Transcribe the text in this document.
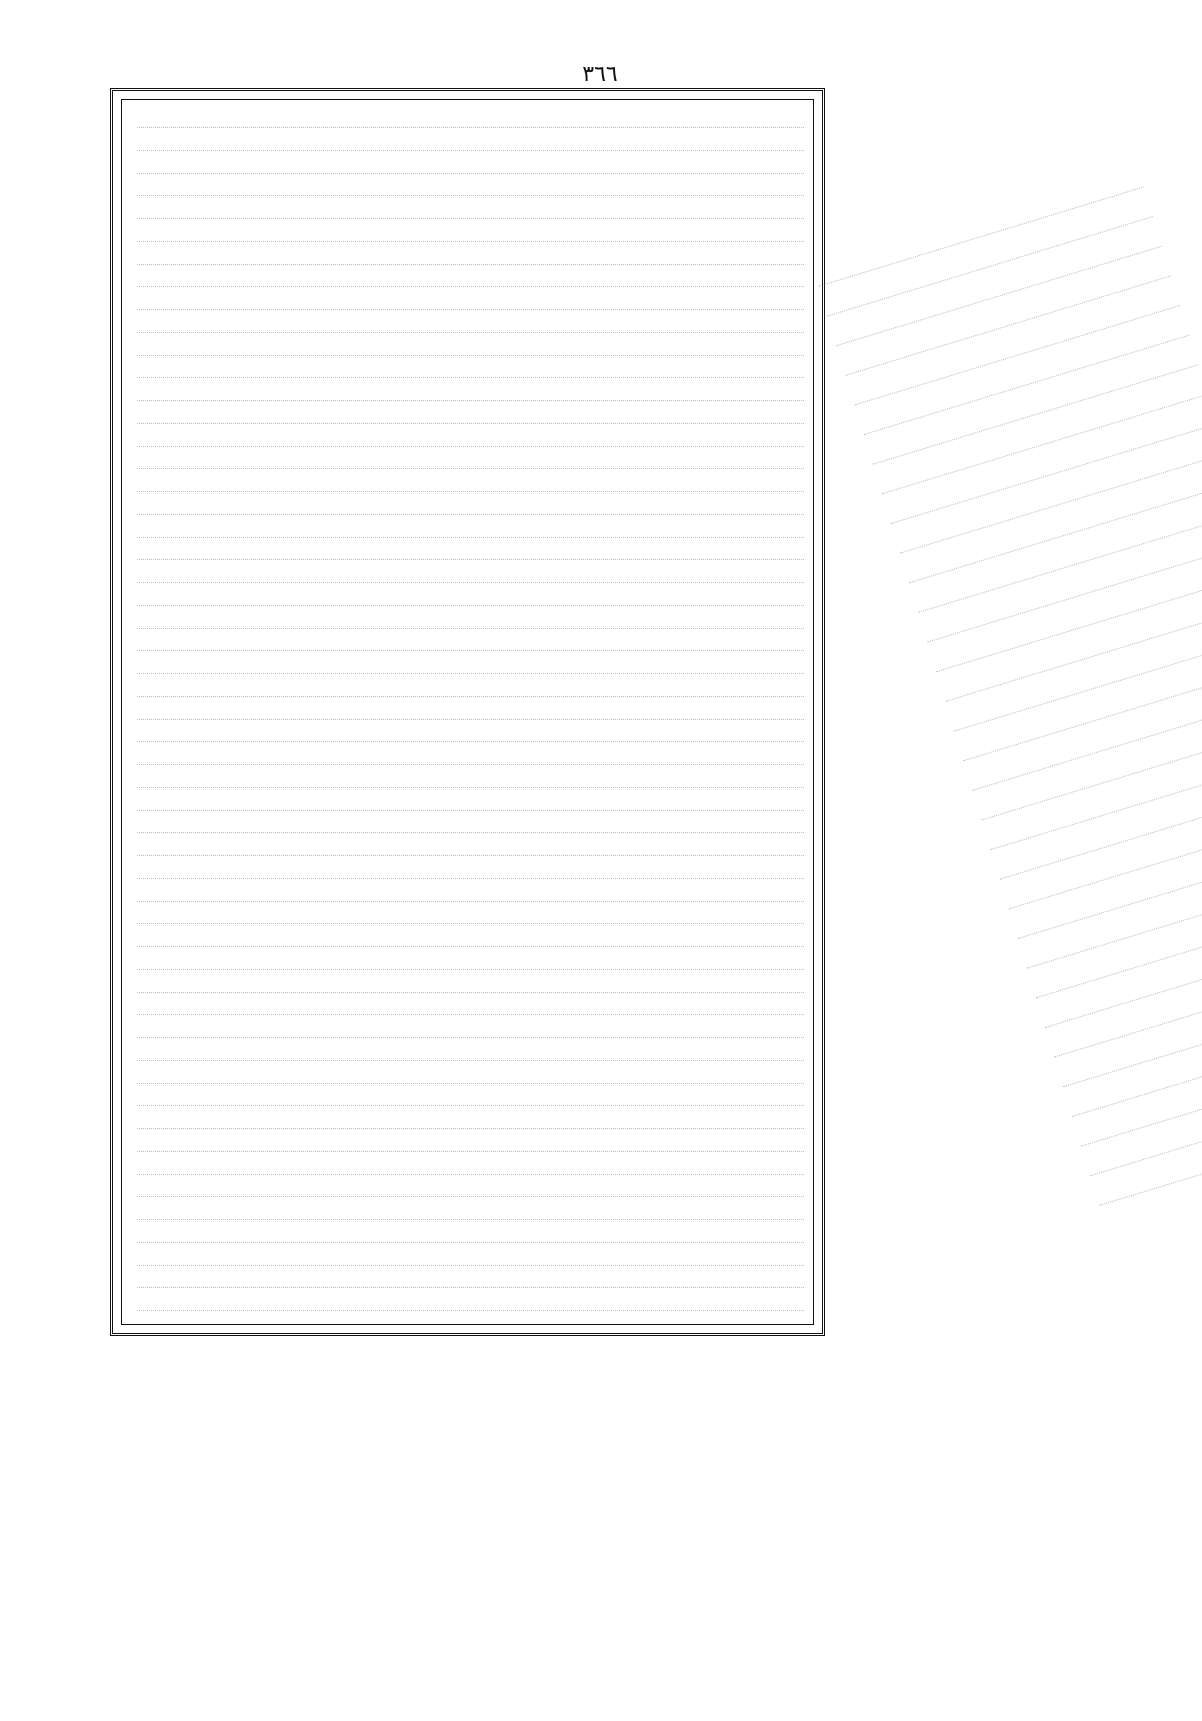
٣٦٦
